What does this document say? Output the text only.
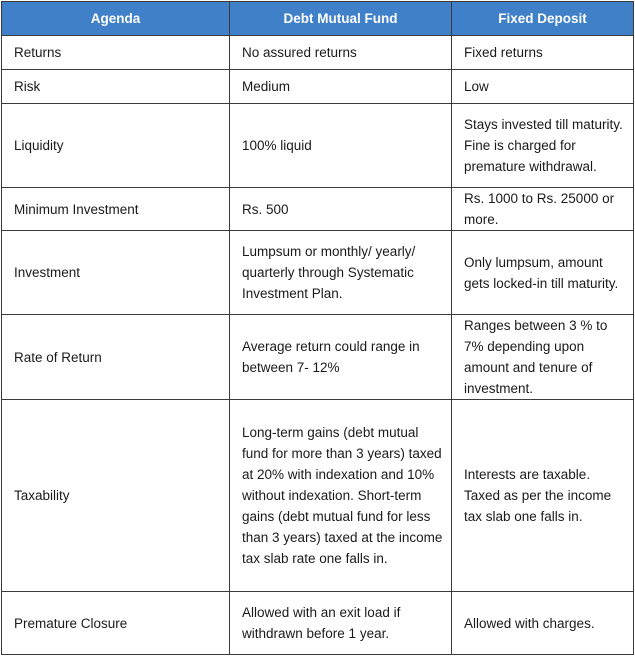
Agenda	Debt Mutual Fund	Fixed Deposit
Returns	No assured returns	Fixed returns
Risk	Medium	Low
Liquidity	100% liquid	Stays invested till maturity. Fine is charged for premature withdrawal.
Minimum Investment	Rs. 500	Rs. 1000 to Rs. 25000 or more.
Investment	Lumpsum or monthly/ yearly/ quarterly through Systematic Investment Plan.	Only lumpsum, amount gets locked-in till maturity.
Rate of Return	Average return could range in between 7- 12%	Ranges between 3 % to 7% depending upon amount and tenure of investment.
Taxability	Long-term gains (debt mutual fund for more than 3 years) taxed at 20% with indexation and 10% without indexation. Short-term gains (debt mutual fund for less than 3 years) taxed at the income tax slab rate one falls in.	Interests are taxable. Taxed as per the income tax slab one falls in.
Premature Closure	Allowed with an exit load if withdrawn before 1 year.	Allowed with charges.
